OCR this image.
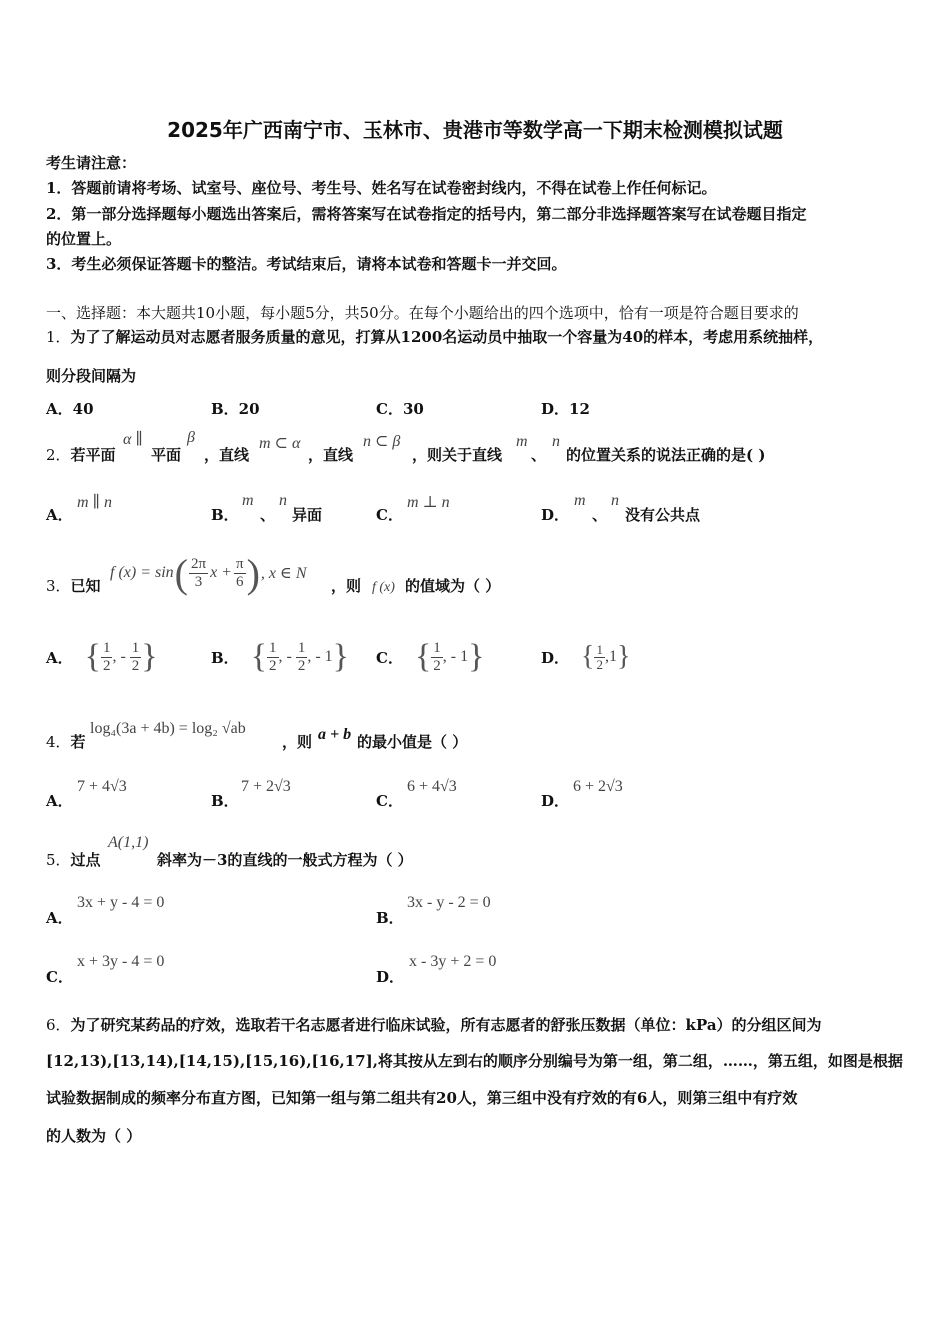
2025年广西南宁市、玉林市、贵港市等数学高一下期末检测模拟试题
考生请注意：
1．答题前请将考场、试室号、座位号、考生号、姓名写在试卷密封线内，不得在试卷上作任何标记。
2．第一部分选择题每小题选出答案后，需将答案写在试卷指定的括号内，第二部分非选择题答案写在试卷题目指定
的位置上。
3．考生必须保证答题卡的整洁。考试结束后，请将本试卷和答题卡一并交回。
一、选择题：本大题共10小题，每小题5分，共50分。在每个小题给出的四个选项中，恰有一项是符合题目要求的
1．为了了解运动员对志愿者服务质量的意见，打算从1200名运动员中抽取一个容量为40的样本，考虑用系统抽样，
则分段间隔为
A．40	B．20	C．30	D．12
2．若平面
α ∥
平面
β
，直线
m ⊂ α
，直线
n ⊂ β
，则关于直线
m
、
n
的位置关系的说法正确的是( )
A．
m ∥ n
B．
m
、
n
异面	C．
m ⊥ n
D．
m
、
n
没有公共点
3．已知
f (x) = sin ( $\frac{2\pi}{3}$ $x + \frac{\pi}{6}$ ) , x ∈ N
，则 f (x) 的值域为（ ）
A． { $\frac{1}{2}$ , - $\frac{1}{2}$ }	B． { $\frac{1}{2}$ , - $\frac{1}{2}$ , - 1 } C． { $\frac{1}{2}$ , - 1 }	D． { $\frac{1}{2} ,1$ }
4．若
log₄(3a + 4b) = log₂ √ab
，则 a + b 的最小值是（ ）
A．
7 + 4√3
B．
7 + 2√3
C．
6 + 4√3
D．
6 + 2√3
5．过点
A(1,1)
斜率为－3的直线的一般式方程为（ ）
A．
3x + y - 4 = 0
B．
3x - y - 2 = 0
C．
x + 3y - 4 = 0
D．
x - 3y + 2 = 0
6．为了研究某药品的疗效，选取若干名志愿者进行临床试验，所有志愿者的舒张压数据（单位：kPa）的分组区间为
[12,13),[13,14),[14,15),[15,16),[16,17],将其按从左到右的顺序分别编号为第一组，第二组，……，第五组，如图是根据
试验数据制成的频率分布直方图，已知第一组与第二组共有20人，第三组中没有疗效的有6人，则第三组中有疗效
的人数为（ ）
